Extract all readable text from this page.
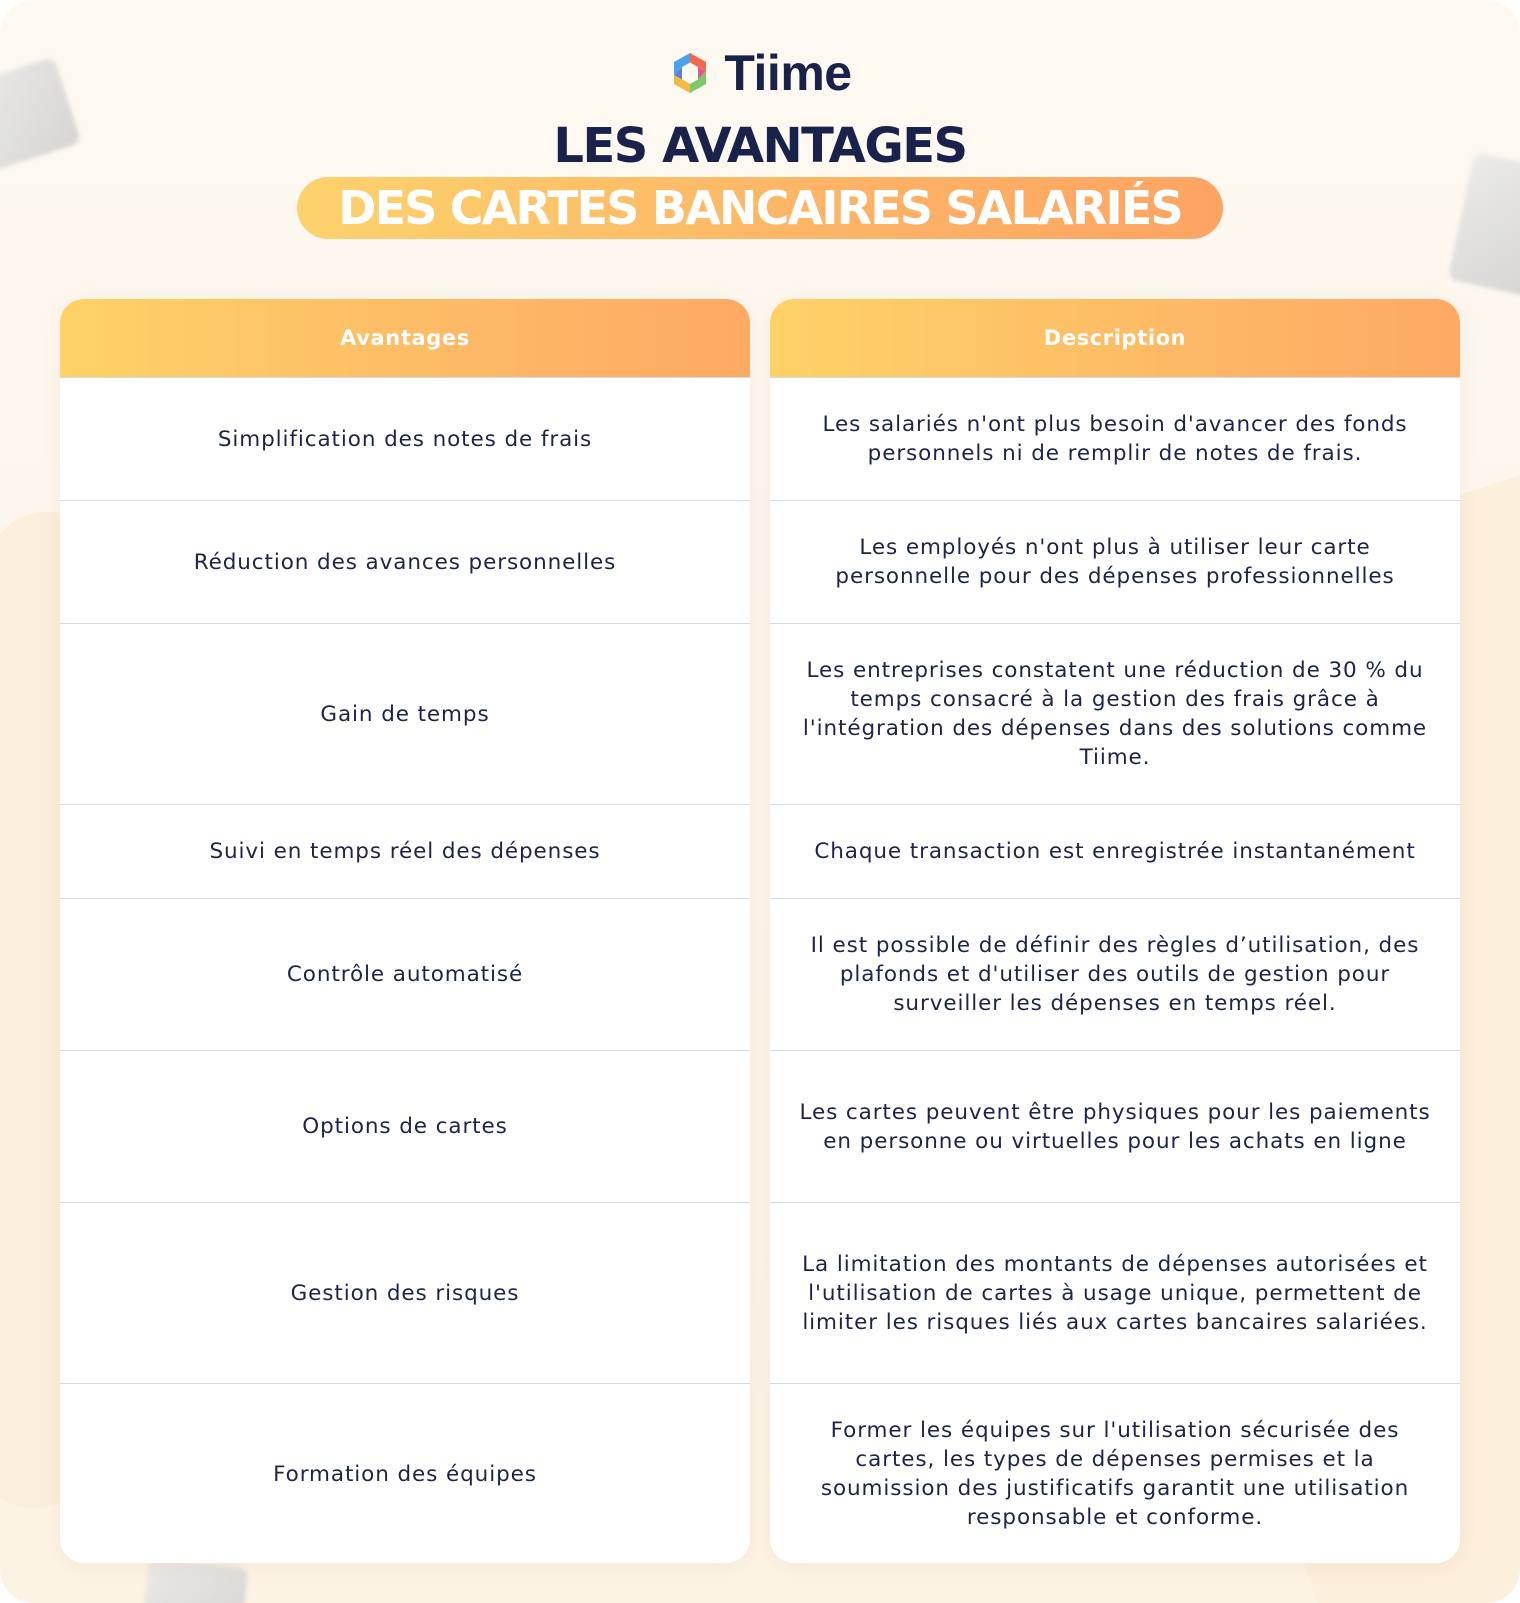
Tiime
LES AVANTAGES
DES CARTES BANCAIRES SALARIÉS
Avantages
Simplification des notes de frais
Réduction des avances personnelles
Gain de temps
Suivi en temps réel des dépenses
Contrôle automatisé
Options de cartes
Gestion des risques
Formation des équipes
Description
Les salariés n'ont plus besoin d'avancer des fonds personnels ni de remplir de notes de frais.
Les employés n'ont plus à utiliser leur carte personnelle pour des dépenses professionnelles
Les entreprises constatent une réduction de 30 % du temps consacré à la gestion des frais grâce à l'intégration des dépenses dans des solutions comme Tiime.
Chaque transaction est enregistrée instantanément
Il est possible de définir des règles d’utilisation, des plafonds et d'utiliser des outils de gestion pour surveiller les dépenses en temps réel.
Les cartes peuvent être physiques pour les paiements en personne ou virtuelles pour les achats en ligne
La limitation des montants de dépenses autorisées et l'utilisation de cartes à usage unique, permettent de limiter les risques liés aux cartes bancaires salariées.
Former les équipes sur l'utilisation sécurisée des cartes, les types de dépenses permises et la soumission des justificatifs garantit une utilisation responsable et conforme.
